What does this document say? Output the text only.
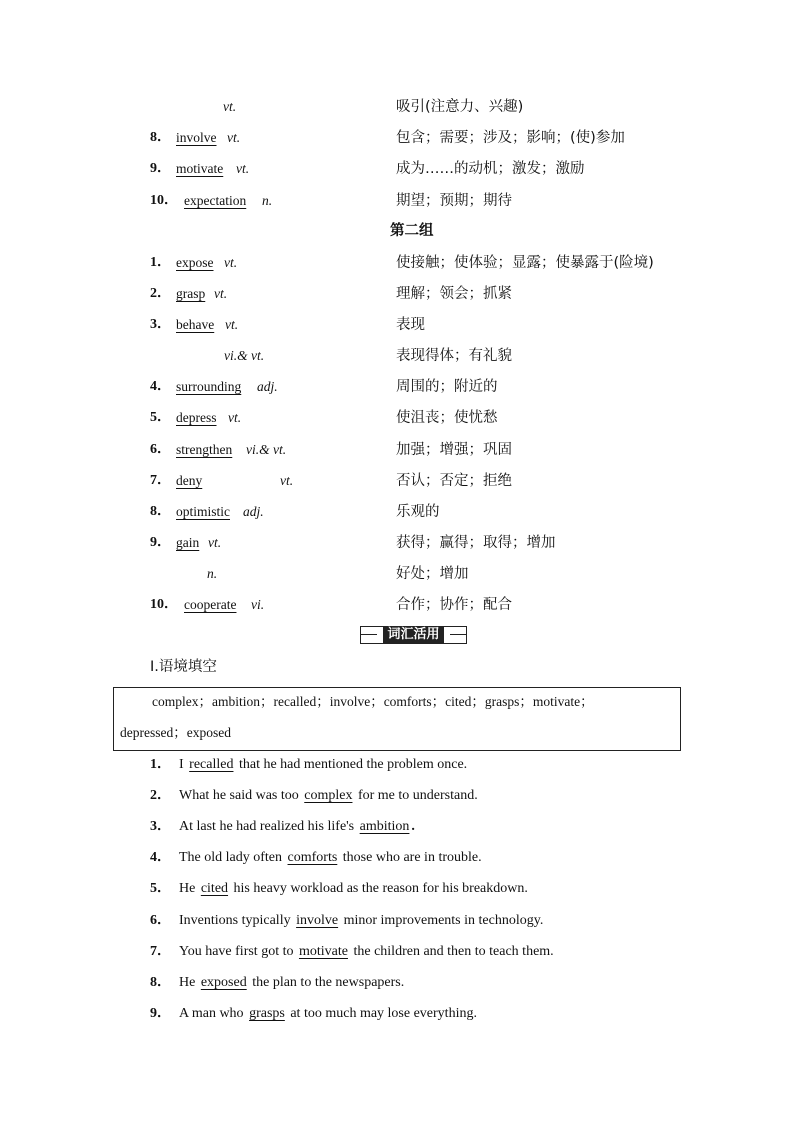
vt.	吸引(注意力、兴趣)
8． involve vt.	包含；需要；涉及；影响；(使)参加
9． motivate vt.	成为……的动机；激发；激励
10． expectation n.	期望；预期；期待
第二组
1． expose vt.	使接触；使体验；显露；使暴露于(险境)
2． grasp vt.	理解；领会；抓紧
3． behave vt.	表现
vi.& vt.	表现得体；有礼貌
4． surrounding adj.	周围的；附近的
5． depress vt.	使沮丧；使忧愁
6． strengthen vi.& vt.	加强；增强；巩固
7． deny	vt.	否认；否定；拒绝
8． optimistic adj.	乐观的
9． gain vt.	获得；赢得；取得；增加
n.	好处；增加
10． cooperate vi.	合作；协作；配合
词汇活用
Ⅰ.语境填空
complex；ambition；recalled；involve；comforts；cited；grasps；motivate；
depressed；exposed
1． I recalled that he had mentioned the problem once.
2． What he said was too complex for me to understand.
3． At last he had realized his life's ambition .
4． The old lady often comforts those who are in trouble.
5． He cited his heavy workload as the reason for his breakdown.
6． Inventions typically involve minor improvements in technology.
7． You have first got to motivate the children and then to teach them.
8． He exposed the plan to the newspapers.
9． A man who grasps at too much may lose everything.
